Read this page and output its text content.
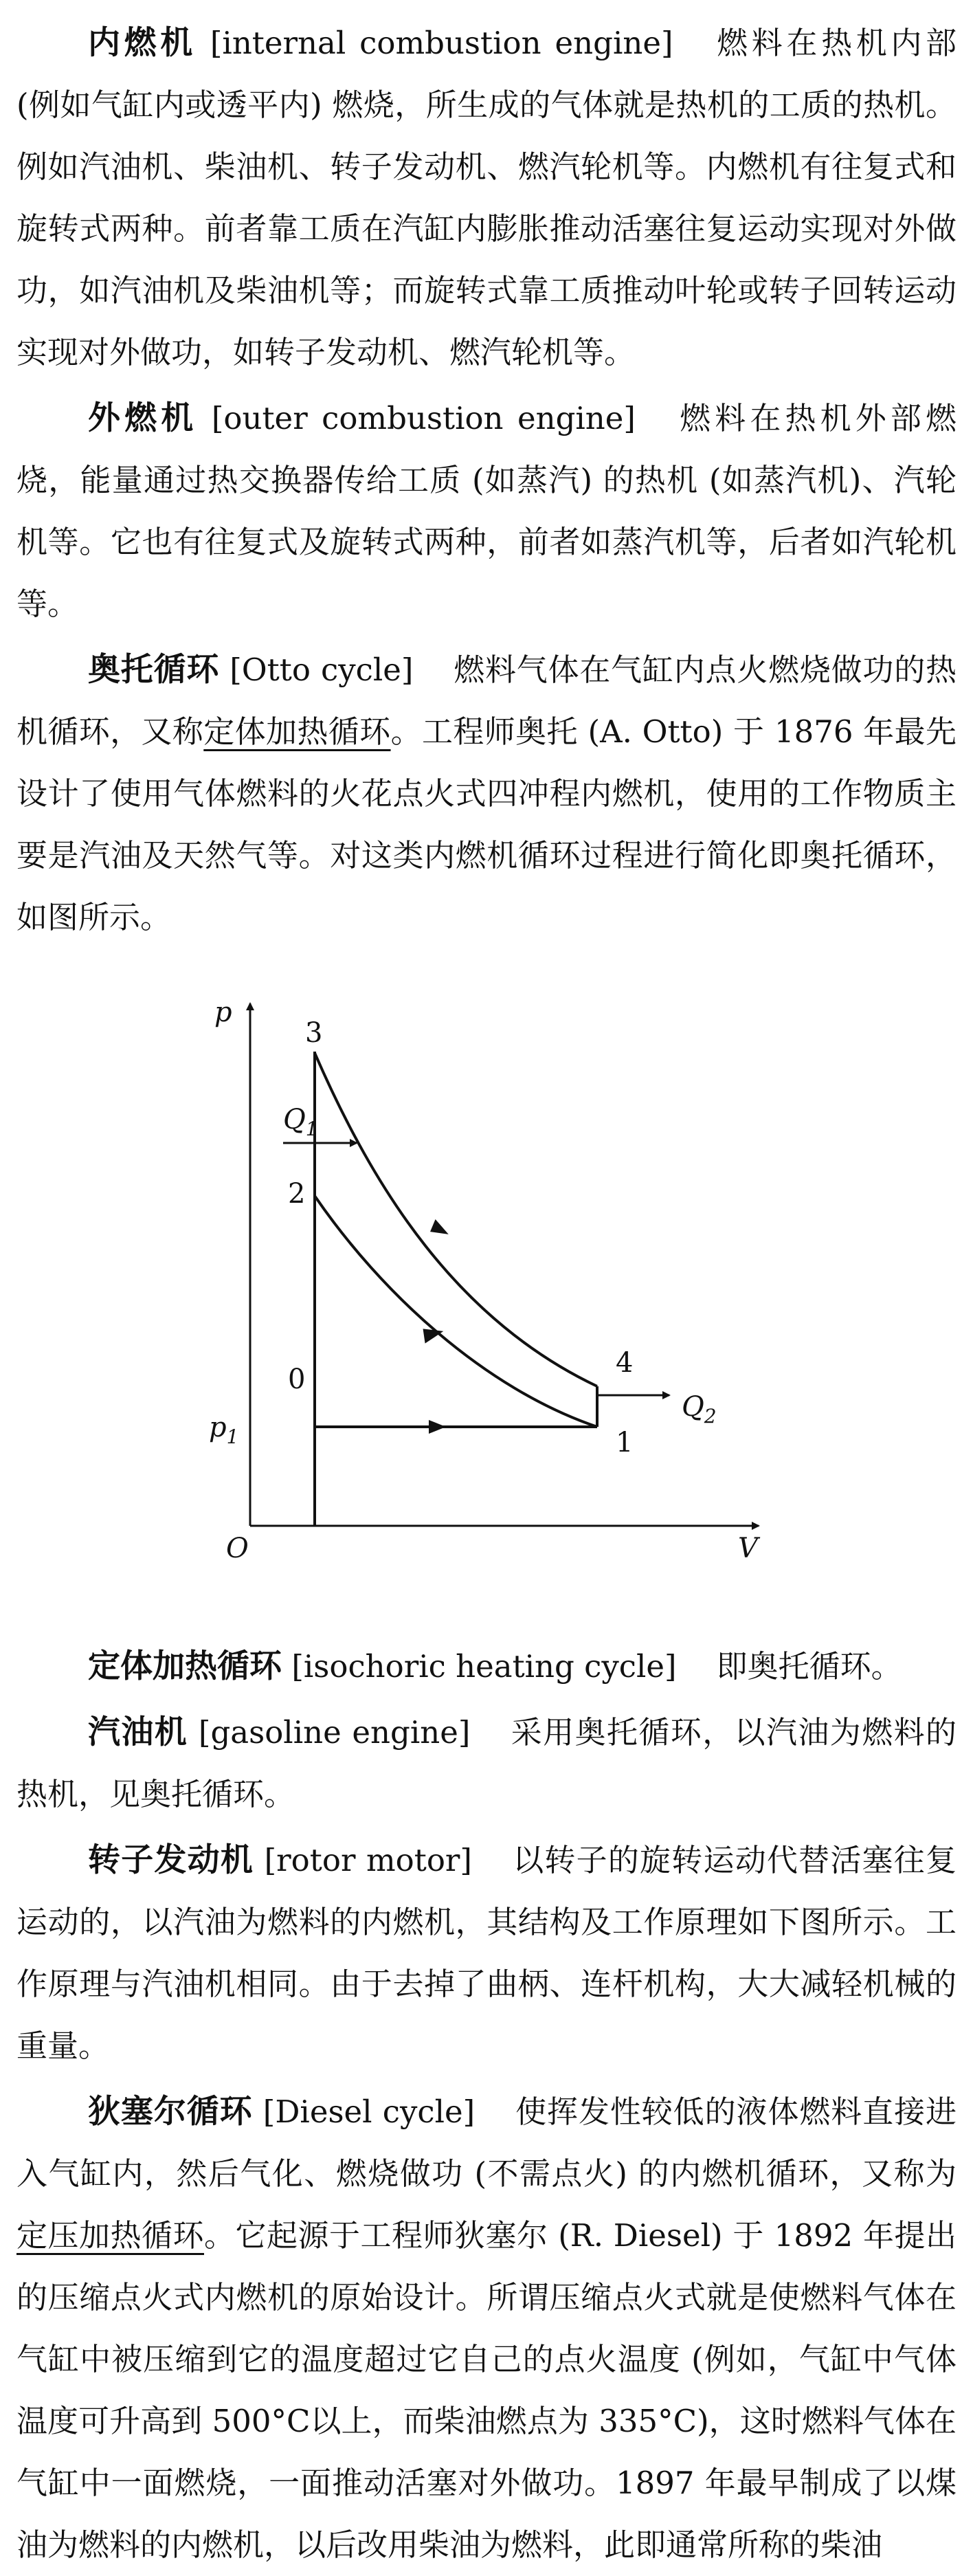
内燃机 [internal combustion engine] 燃料在热机内部 (例如气缸内或透平内) 燃烧，所生成的气体就是热机的工质的热机。例如汽油机、柴油机、转子发动机、燃汽轮机等。内燃机有往复式和旋转式两种。前者靠工质在汽缸内膨胀推动活塞往复运动实现对外做功，如汽油机及柴油机等；而旋转式靠工质推动叶轮或转子回转运动实现对外做功，如转子发动机、燃汽轮机等。

外燃机 [outer combustion engine] 燃料在热机外部燃烧，能量通过热交换器传给工质 (如蒸汽) 的热机 (如蒸汽机)、汽轮机等。它也有往复式及旋转式两种，前者如蒸汽机等，后者如汽轮机等。

奥托循环 [Otto cycle] 燃料气体在气缸内点火燃烧做功的热机循环，又称定体加热循环。工程师奥托 (A. Otto) 于 1876 年最先设计了使用气体燃料的火花点火式四冲程内燃机，使用的工作物质主要是汽油及天然气等。对这类内燃机循环过程进行简化即奥托循环，如图所示。

p
V
O
3
2
0
4
1
$p_1$
$Q_1$
$Q_2$

定体加热循环 [isochoric heating cycle] 即奥托循环。

汽油机 [gasoline engine] 采用奥托循环，以汽油为燃料的热机，见奥托循环。

转子发动机 [rotor motor] 以转子的旋转运动代替活塞往复运动的，以汽油为燃料的内燃机，其结构及工作原理如下图所示。工作原理与汽油机相同。由于去掉了曲柄、连杆机构，大大减轻机械的重量。

狄塞尔循环 [Diesel cycle] 使挥发性较低的液体燃料直接进入气缸内，然后气化、燃烧做功 (不需点火) 的内燃机循环，又称为定压加热循环。它起源于工程师狄塞尔 (R. Diesel) 于 1892 年提出的压缩点火式内燃机的原始设计。所谓压缩点火式就是使燃料气体在气缸中被压缩到它的温度超过它自己的点火温度 (例如，气缸中气体温度可升高到 500°C以上，而柴油燃点为 335°C)，这时燃料气体在气缸中一面燃烧，一面推动活塞对外做功。1897 年最早制成了以煤油为燃料的内燃机，以后改用柴油为燃料，此即通常所称的柴油
